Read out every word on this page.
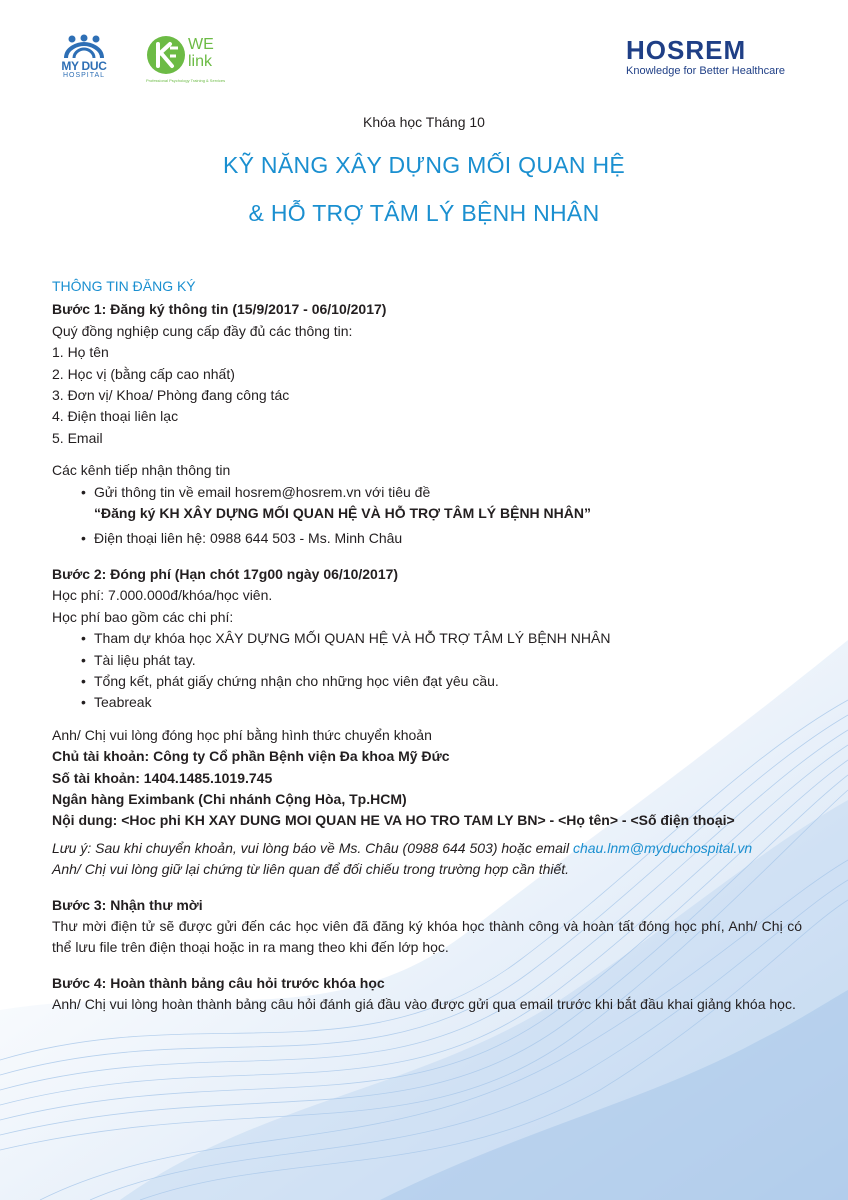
MY DUC
HOSPITAL
WE
link
Professional Psychology Training & Services
HOSREM
Knowledge for Better Healthcare
Khóa học Tháng 10
KỸ NĂNG XÂY DỰNG MỐI QUAN HỆ
& HỖ TRỢ TÂM LÝ BỆNH NHÂN
THÔNG TIN ĐĂNG KÝ
Bước 1: Đăng ký thông tin (15/9/2017 - 06/10/2017)
Quý đồng nghiệp cung cấp đầy đủ các thông tin:
1. Họ tên
2. Học vị (bằng cấp cao nhất)
3. Đơn vị/ Khoa/ Phòng đang công tác
4. Điện thoại liên lạc
5. Email
Các kênh tiếp nhận thông tin
• Gửi thông tin về email hosrem@hosrem.vn với tiêu đề
“Đăng ký KH XÂY DỰNG MỐI QUAN HỆ VÀ HỖ TRỢ TÂM LÝ BỆNH NHÂN”
• Điện thoại liên hệ: 0988 644 503 - Ms. Minh Châu
Bước 2: Đóng phí (Hạn chót 17g00 ngày 06/10/2017)
Học phí: 7.000.000đ/khóa/học viên.
Học phí bao gồm các chi phí:
• Tham dự khóa học XÂY DỰNG MỐI QUAN HỆ VÀ HỖ TRỢ TÂM LÝ BỆNH NHÂN
• Tài liệu phát tay.
• Tổng kết, phát giấy chứng nhận cho những học viên đạt yêu cầu.
• Teabreak
Anh/ Chị vui lòng đóng học phí bằng hình thức chuyển khoản
Chủ tài khoản: Công ty Cổ phần Bệnh viện Đa khoa Mỹ Đức
Số tài khoản: 1404.1485.1019.745
Ngân hàng Eximbank (Chi nhánh Cộng Hòa, Tp.HCM)
Nội dung: <Hoc phi KH XAY DUNG MOI QUAN HE VA HO TRO TAM LY BN> - <Họ tên> - <Số điện thoại>
Lưu ý: Sau khi chuyển khoản, vui lòng báo về Ms. Châu (0988 644 503) hoặc email chau.lnm@myduchospital.vn
Anh/ Chị vui lòng giữ lại chứng từ liên quan để đối chiếu trong trường hợp cần thiết.
Bước 3: Nhận thư mời
Thư mời điện tử sẽ được gửi đến các học viên đã đăng ký khóa học thành công và hoàn tất đóng học phí, Anh/ Chị có thể lưu file trên điện thoại hoặc in ra mang theo khi đến lớp học.
Bước 4: Hoàn thành bảng câu hỏi trước khóa học
Anh/ Chị vui lòng hoàn thành bảng câu hỏi đánh giá đầu vào được gửi qua email trước khi bắt đầu khai giảng khóa học.
